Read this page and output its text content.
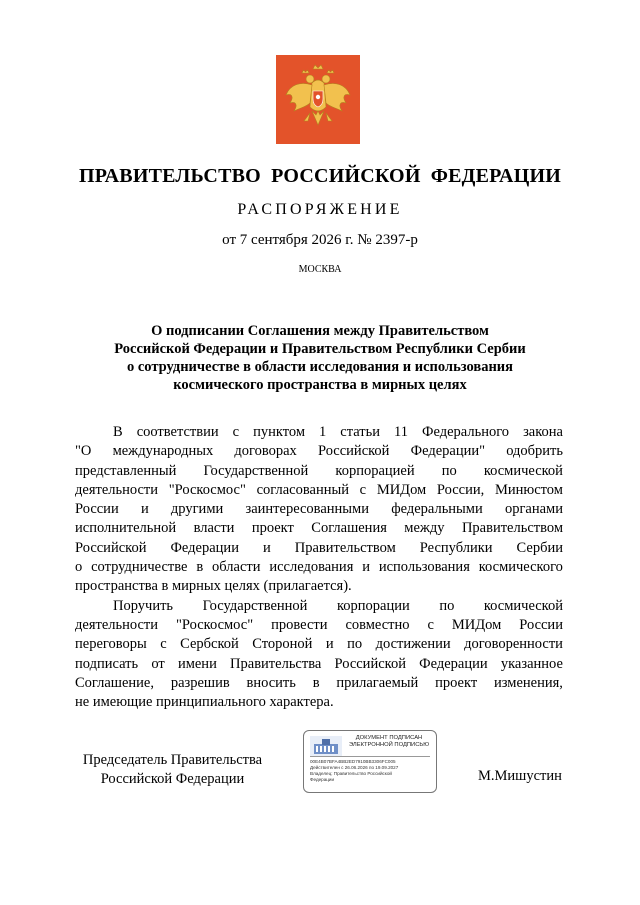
ПРАВИТЕЛЬСТВО РОССИЙСКОЙ ФЕДЕРАЦИИ
РАСПОРЯЖЕНИЕ
от 7 сентября 2026 г. № 2397-р
МОСКВА
О подписании Соглашения между Правительством
Российской Федерации и Правительством Республики Сербии
о сотрудничестве в области исследования и использования
космического пространства в мирных целях
В соответствии с пунктом 1 статьи 11 Федерального закона
"О международных договорах Российской Федерации" одобрить
представленный Государственной корпорацией по космической
деятельности "Роскосмос" согласованный с МИДом России, Минюстом
России и другими заинтересованными федеральными органами
исполнительной власти проект Соглашения между Правительством
Российской Федерации и Правительством Республики Сербии
о сотрудничестве в области исследования и использования космического
пространства в мирных целях (прилагается).
Поручить Государственной корпорации по космической
деятельности "Роскосмос" провести совместно с МИДом России
переговоры с Сербской Стороной и по достижении договоренности
подписать от имени Правительства Российской Федерации указанное
Соглашение, разрешив вносить в прилагаемый проект изменения,
не имеющие принципиального характера.
Председатель Правительства
Российской Федерации
ДОКУМЕНТ ПОДПИСАН
ЭЛЕКТРОННОЙ ПОДПИСЬЮ
00E4B07BFA4BB2ED7910BB3306FC005
Действителен с 26.06.2026 по 19.09.2027
Владелец: Правительство Российской
Федерации	М.Мишустин
